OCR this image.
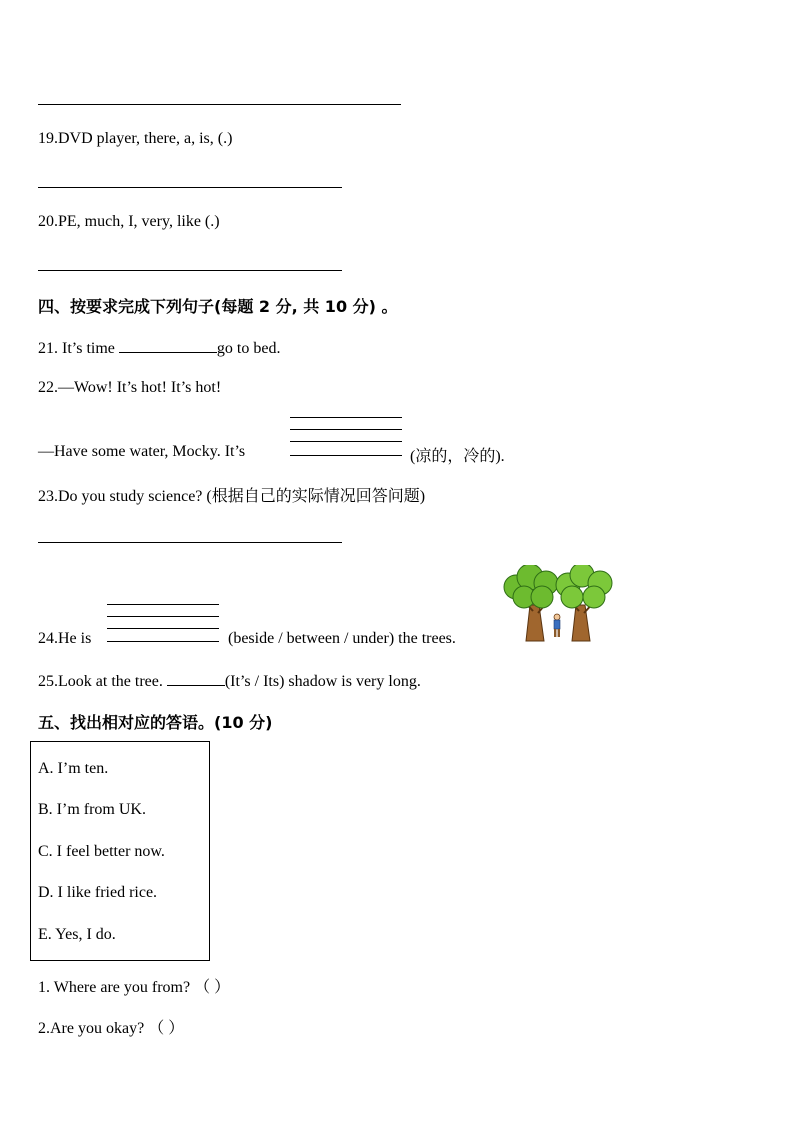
19.DVD player, there, a, is, (.)
20.PE, much, I, very, like (.)
四、按要求完成下列句子(每题 2 分, 共 10 分) 。
21. It’s time	go to bed.
22.—Wow! It’s hot! It’s hot!
—Have some water, Mocky. It’s	(凉的，冷的).
23.Do you study science? (根据自己的实际情况回答问题)
24.He is	(beside / between / under) the trees.
25.Look at the tree.	(It’s / Its) shadow is very long.
五、找出相对应的答语。(10 分)
A. I’m ten.
B. I’m from UK.
C. I feel better now.
D. I like fried rice.
E. Yes, I do.
1. Where are you from? （ ）
2.Are you okay? （ ）
